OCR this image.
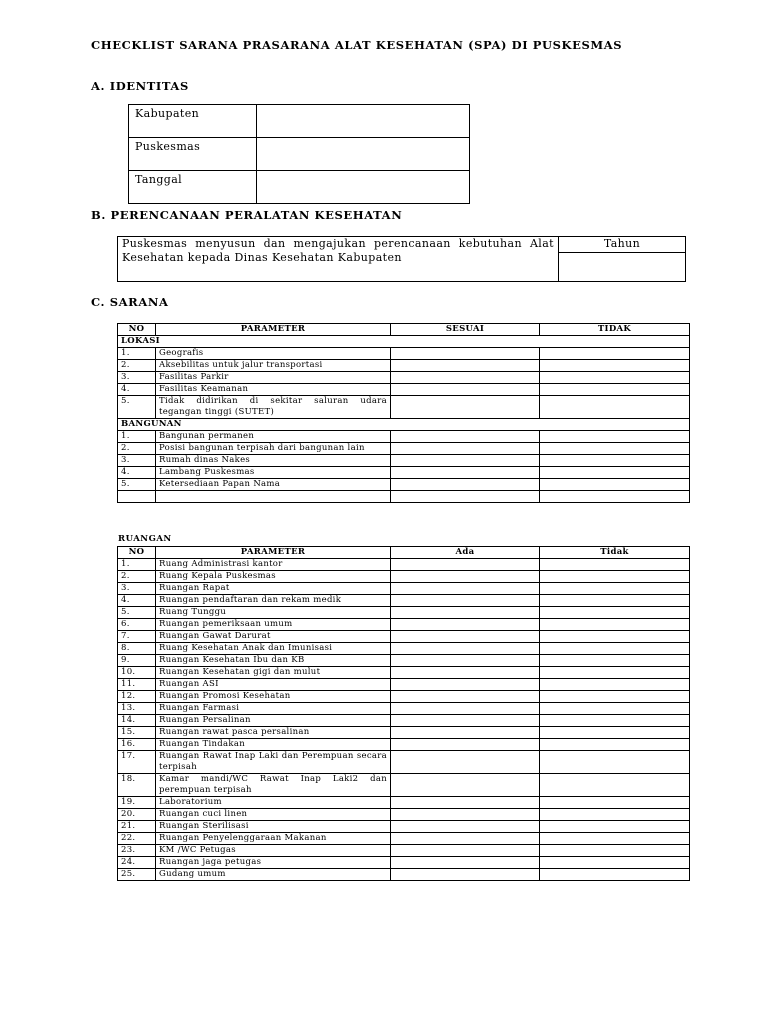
CHECKLIST SARANA PRASARANA ALAT KESEHATAN (SPA) DI PUSKESMAS
A. IDENTITAS
Kabupaten	
Puskesmas	
Tanggal	
B. PERENCANAAN PERALATAN KESEHATAN
Puskesmas menyusun dan mengajukan perencanaan kebutuhan Alat Kesehatan kepada Dinas Kesehatan Kabupaten	Tahun

C. SARANA
NO	PARAMETER	SESUAI	TIDAK
LOKASI			
1.	Geografis		
2.	Aksebilitas untuk jalur transportasi		
3.	Fasilitas Parkir		
4.	Fasilitas Keamanan		
5.	Tidak didirikan di sekitar saluran udara tegangan tinggi (SUTET)		
BANGUNAN			
1.	Bangunan permanen		
2.	Posisi bangunan terpisah dari bangunan lain		
3.	Rumah dinas Nakes		
4.	Lambang Puskesmas		
5.	Ketersediaan Papan Nama		

RUANGAN
NO	PARAMETER	Ada	Tidak
1.	Ruang Administrasi kantor		
2.	Ruang Kepala Puskesmas		
3.	Ruangan Rapat		
4.	Ruangan pendaftaran dan rekam medik		
5.	Ruang Tunggu		
6.	Ruangan pemeriksaan umum		
7.	Ruangan Gawat Darurat		
8.	Ruang Kesehatan Anak dan Imunisasi		
9.	Ruangan Kesehatan Ibu dan KB		
10.	Ruangan Kesehatan gigi dan mulut		
11.	Ruangan ASI		
12.	Ruangan Promosi Kesehatan		
13.	Ruangan Farmasi		
14.	Ruangan Persalinan		
15.	Ruangan rawat pasca persalinan		
16.	Ruangan Tindakan		
17.	Ruangan Rawat Inap Laki dan Perempuan secara terpisah		
18.	Kamar mandi/WC Rawat Inap Laki2 dan perempuan terpisah		
19.	Laboratorium		
20.	Ruangan cuci linen		
21.	Ruangan Sterilisasi		
22.	Ruangan Penyelenggaraan Makanan		
23.	KM /WC Petugas		
24.	Ruangan jaga petugas		
25.	Gudang umum		
